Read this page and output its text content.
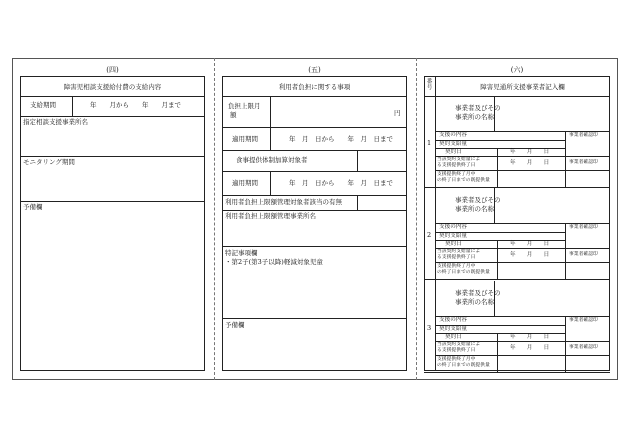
(四)
障害児相談支援給付費の支給内容
支給期間	年　　月から　　年　　月まで
指定相談支援事業所名
モニタリング期間
予備欄
(五)
利用者負担に関する事項
負担上限月
額	円
適用期間	年　月　日から　　年　月　日まで
食事提供体制加算対象者
適用期間	年　月　日から　　年　月　日まで
利用者負担上限額管理対象者該当の有無
利用者負担上限額管理事業所名
特記事項欄
・第2子(第3子以降)軽減対象児童
予備欄
(六)
番号	障害児通所支援事業者記入欄
1
事業者及びその
事業所の名称
支援の内容	事業者確認印
契約支給量
契約日	年　　月　　日
当該契約支給量によ
る支援提供終了日	年　　月　　日	事業者確認印
支援提供終了月中
の終了日までの既提供量
2
事業者及びその
事業所の名称
支援の内容	事業者確認印
契約支給量
契約日	年　　月　　日
当該契約支給量によ
る支援提供終了日	年　　月　　日	事業者確認印
支援提供終了月中
の終了日までの既提供量
3
事業者及びその
事業所の名称
支援の内容	事業者確認印
契約支給量
契約日	年　　月　　日
当該契約支給量によ
る支援提供終了日	年　　月　　日	事業者確認印
支援提供終了月中
の終了日までの既提供量
